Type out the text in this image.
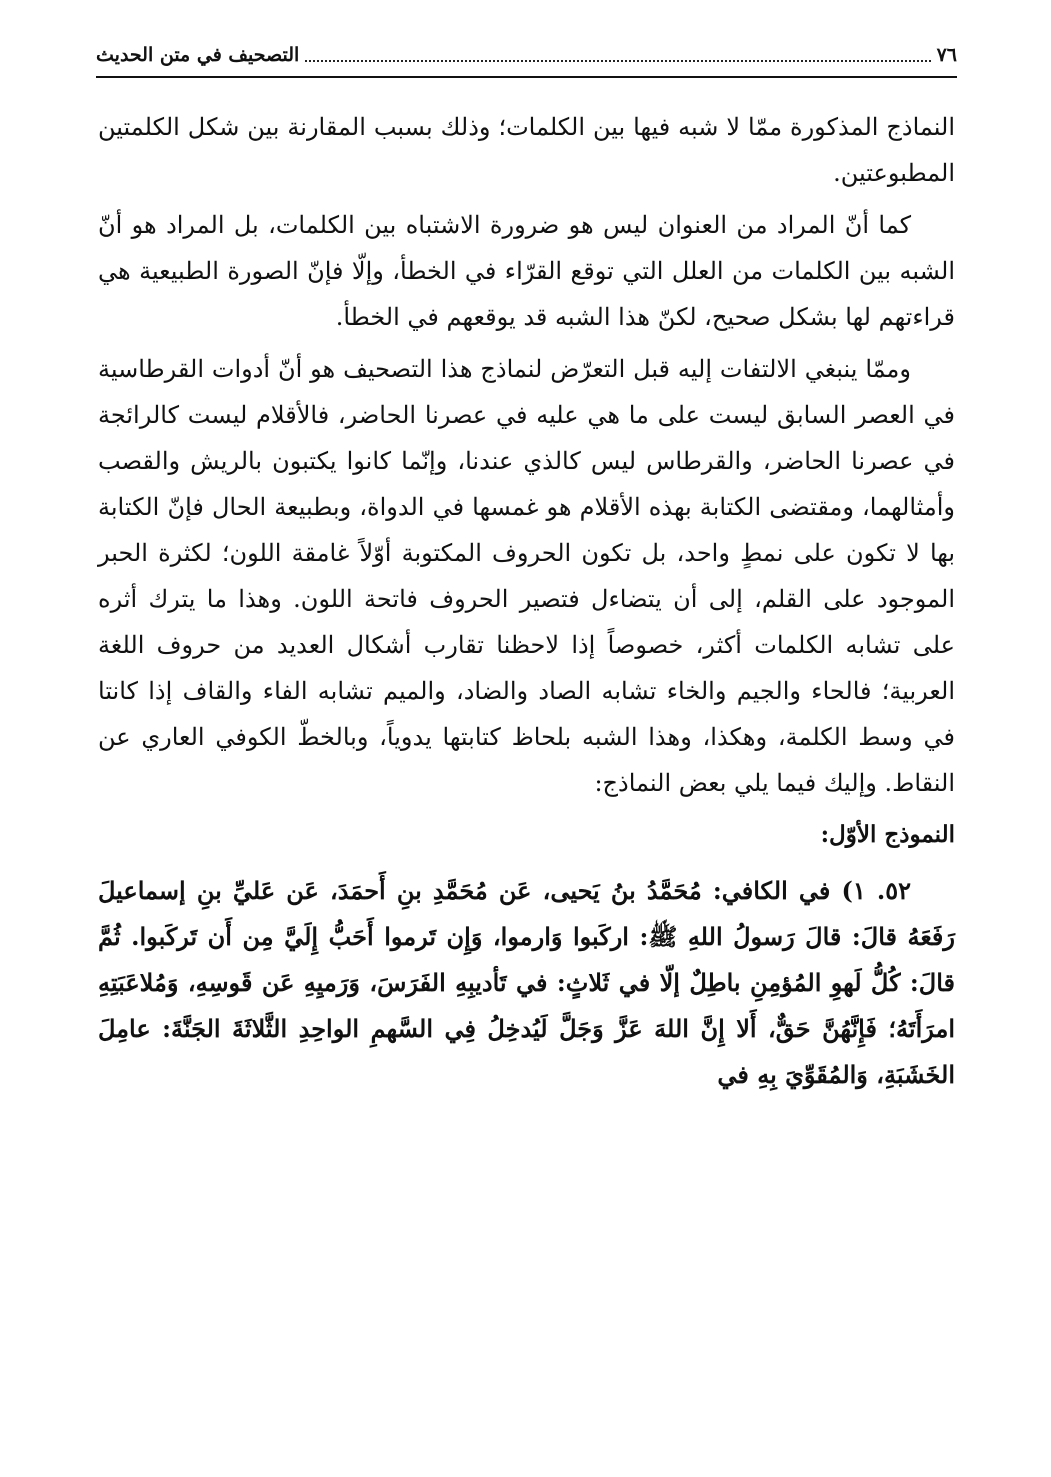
٧٦
التصحيف في متن الحديث

النماذج المذكورة ممّا لا شبه فيها بين الكلمات؛ وذلك بسبب المقارنة بين شكل الكلمتين المطبوعتين.

كما أنّ المراد من العنوان ليس هو ضرورة الاشتباه بين الكلمات، بل المراد هو أنّ الشبه بين الكلمات من العلل التي توقع القرّاء في الخطأ، وإلّا فإنّ الصورة الطبيعية هي قراءتهم لها بشكل صحيح، لكنّ هذا الشبه قد يوقعهم في الخطأ.

وممّا ينبغي الالتفات إليه قبل التعرّض لنماذج هذا التصحيف هو أنّ أدوات القرطاسية في العصر السابق ليست على ما هي عليه في عصرنا الحاضر، فالأقلام ليست كالرائجة في عصرنا الحاضر، والقرطاس ليس كالذي عندنا، وإنّما كانوا يكتبون بالريش والقصب وأمثالهما، ومقتضى الكتابة بهذه الأقلام هو غمسها في الدواة، وبطبيعة الحال فإنّ الكتابة بها لا تكون على نمطٍ واحد، بل تكون الحروف المكتوبة أوّلاً غامقة اللون؛ لكثرة الحبر الموجود على القلم، إلى أن يتضاءل فتصير الحروف فاتحة اللون. وهذا ما يترك أثره على تشابه الكلمات أكثر، خصوصاً إذا لاحظنا تقارب أشكال العديد من حروف اللغة العربية؛ فالحاء والجيم والخاء تشابه الصاد والضاد، والميم تشابه الفاء والقاف إذا كانتا في وسط الكلمة، وهكذا، وهذا الشبه بلحاظ كتابتها يدوياً، وبالخطّ الكوفي العاري عن النقاط. وإليك فيما يلي بعض النماذج:

النموذج الأوّل:

٥٢. ١) في الكافي: مُحَمَّدُ بنُ يَحيى، عَن مُحَمَّدِ بنِ أَحمَدَ، عَن عَليِّ بنِ إسماعيلَ رَفَعَهُ قالَ: قالَ رَسولُ اللهِ ﷺ: اركَبوا وَارموا، وَإِن تَرموا أَحَبُّ إِلَيَّ مِن أَن تَركَبوا. ثُمَّ قالَ: كُلُّ لَهوِ المُؤمِنِ باطِلٌ إلّا في ثَلاثٍ: في تَأديبِهِ الفَرَسَ، وَرَميِهِ عَن قَوسِهِ، وَمُلاعَبَتِهِ امرَأَتَهُ؛ فَإِنَّهُنَّ حَقٌّ، أَلا إِنَّ اللهَ عَزَّ وَجَلَّ لَيُدخِلُ فِي السَّهمِ الواحِدِ الثَّلاثَةَ الجَنَّةَ: عامِلَ الخَشَبَةِ، وَالمُقَوِّيَ بِهِ في
